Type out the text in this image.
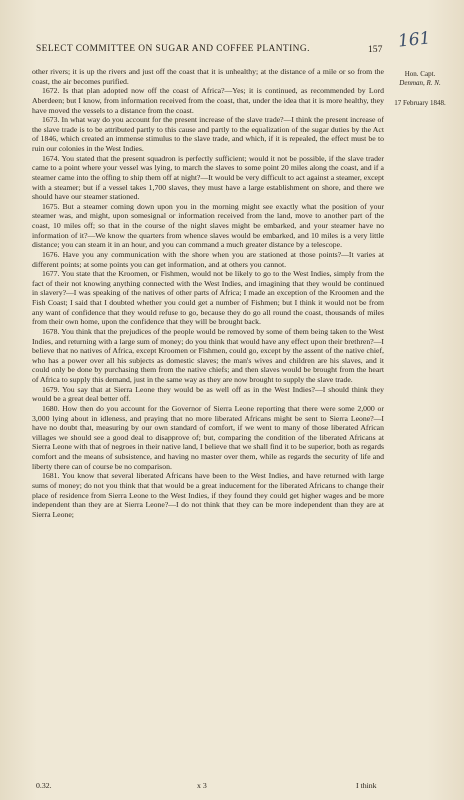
SELECT COMMITTEE ON SUGAR AND COFFEE PLANTING.	157 161
Hon. Capt.
Denman, R. N.
17 February 1848.

other rivers; it is up the rivers and just off the coast that it is unhealthy; at the distance of a mile or so from the coast, the air becomes purified.

1672. Is that plan adopted now off the coast of Africa?—Yes; it is continued, as recommended by Lord Aberdeen; but I know, from information received from the coast, that, under the idea that it is more healthy, they have moved the vessels to a distance from the coast.

1673. In what way do you account for the present increase of the slave trade?—I think the present increase of the slave trade is to be attributed partly to this cause and partly to the equalization of the sugar duties by the Act of 1846, which created an immense stimulus to the slave trade, and which, if it is repealed, the effect must be to ruin our colonies in the West Indies.

1674. You stated that the present squadron is perfectly sufficient; would it not be possible, if the slave trader came to a point where your vessel was lying, to march the slaves to some point 20 miles along the coast, and if a steamer came into the offing to ship them off at night?—It would be very difficult to act against a steamer, except with a steamer; but if a vessel takes 1,700 slaves, they must have a large establishment on shore, and there we should have our steamer stationed.

1675. But a steamer coming down upon you in the morning might see exactly what the position of your steamer was, and might, upon somesignal or information received from the land, move to another part of the coast, 10 miles off; so that in the course of the night slaves might be embarked, and your steamer have no information of it?—We know the quarters from whence slaves would be embarked, and 10 miles is a very little distance; you can steam it in an hour, and you can command a much greater distance by a telescope.

1676. Have you any communication with the shore when you are stationed at those points?—It varies at different points; at some points you can get information, and at others you cannot.

1677. You state that the Kroomen, or Fishmen, would not be likely to go to the West Indies, simply from the fact of their not knowing anything connected with the West Indies, and imagining that they would be continued in slavery?—I was speaking of the natives of other parts of Africa; I made an exception of the Kroomen and the Fish Coast; I said that I doubted whether you could get a number of Fishmen; but I think it would not be from any want of confidence that they would refuse to go, because they do go all round the coast, thousands of miles from their own home, upon the confidence that they will be brought back.

1678. You think that the prejudices of the people would be removed by some of them being taken to the West Indies, and returning with a large sum of money; do you think that would have any effect upon their brethren?—I believe that no natives of Africa, except Kroomen or Fishmen, could go, except by the assent of the native chief, who has a power over all his subjects as domestic slaves; the man's wives and children are his slaves, and it could only be done by purchasing them from the native chiefs; and then slaves would be brought from the heart of Africa to supply this demand, just in the same way as they are now brought to supply the slave trade.

1679. You say that at Sierra Leone they would be as well off as in the West Indies?—I should think they would be a great deal better off.

1680. How then do you account for the Governor of Sierra Leone reporting that there were some 2,000 or 3,000 lying about in idleness, and praying that no more liberated Africans might be sent to Sierra Leone?—I have no doubt that, measuring by our own standard of comfort, if we went to many of those liberated African villages we should see a good deal to disapprove of; but, comparing the condition of the liberated Africans at Sierra Leone with that of negroes in their native land, I believe that we shall find it to be superior, both as regards comfort and the means of subsistence, and having no master over them, while as regards the security of life and liberty there can of course be no comparison.

1681. You know that several liberated Africans have been to the West Indies, and have returned with large sums of money; do not you think that that would be a great inducement for the liberated Africans to change their place of residence from Sierra Leone to the West Indies, if they found they could get higher wages and be more independent than they are at Sierra Leone?—I do not think that they can be more independent than they are at Sierra Leone;

0.32.	x 3	I think
